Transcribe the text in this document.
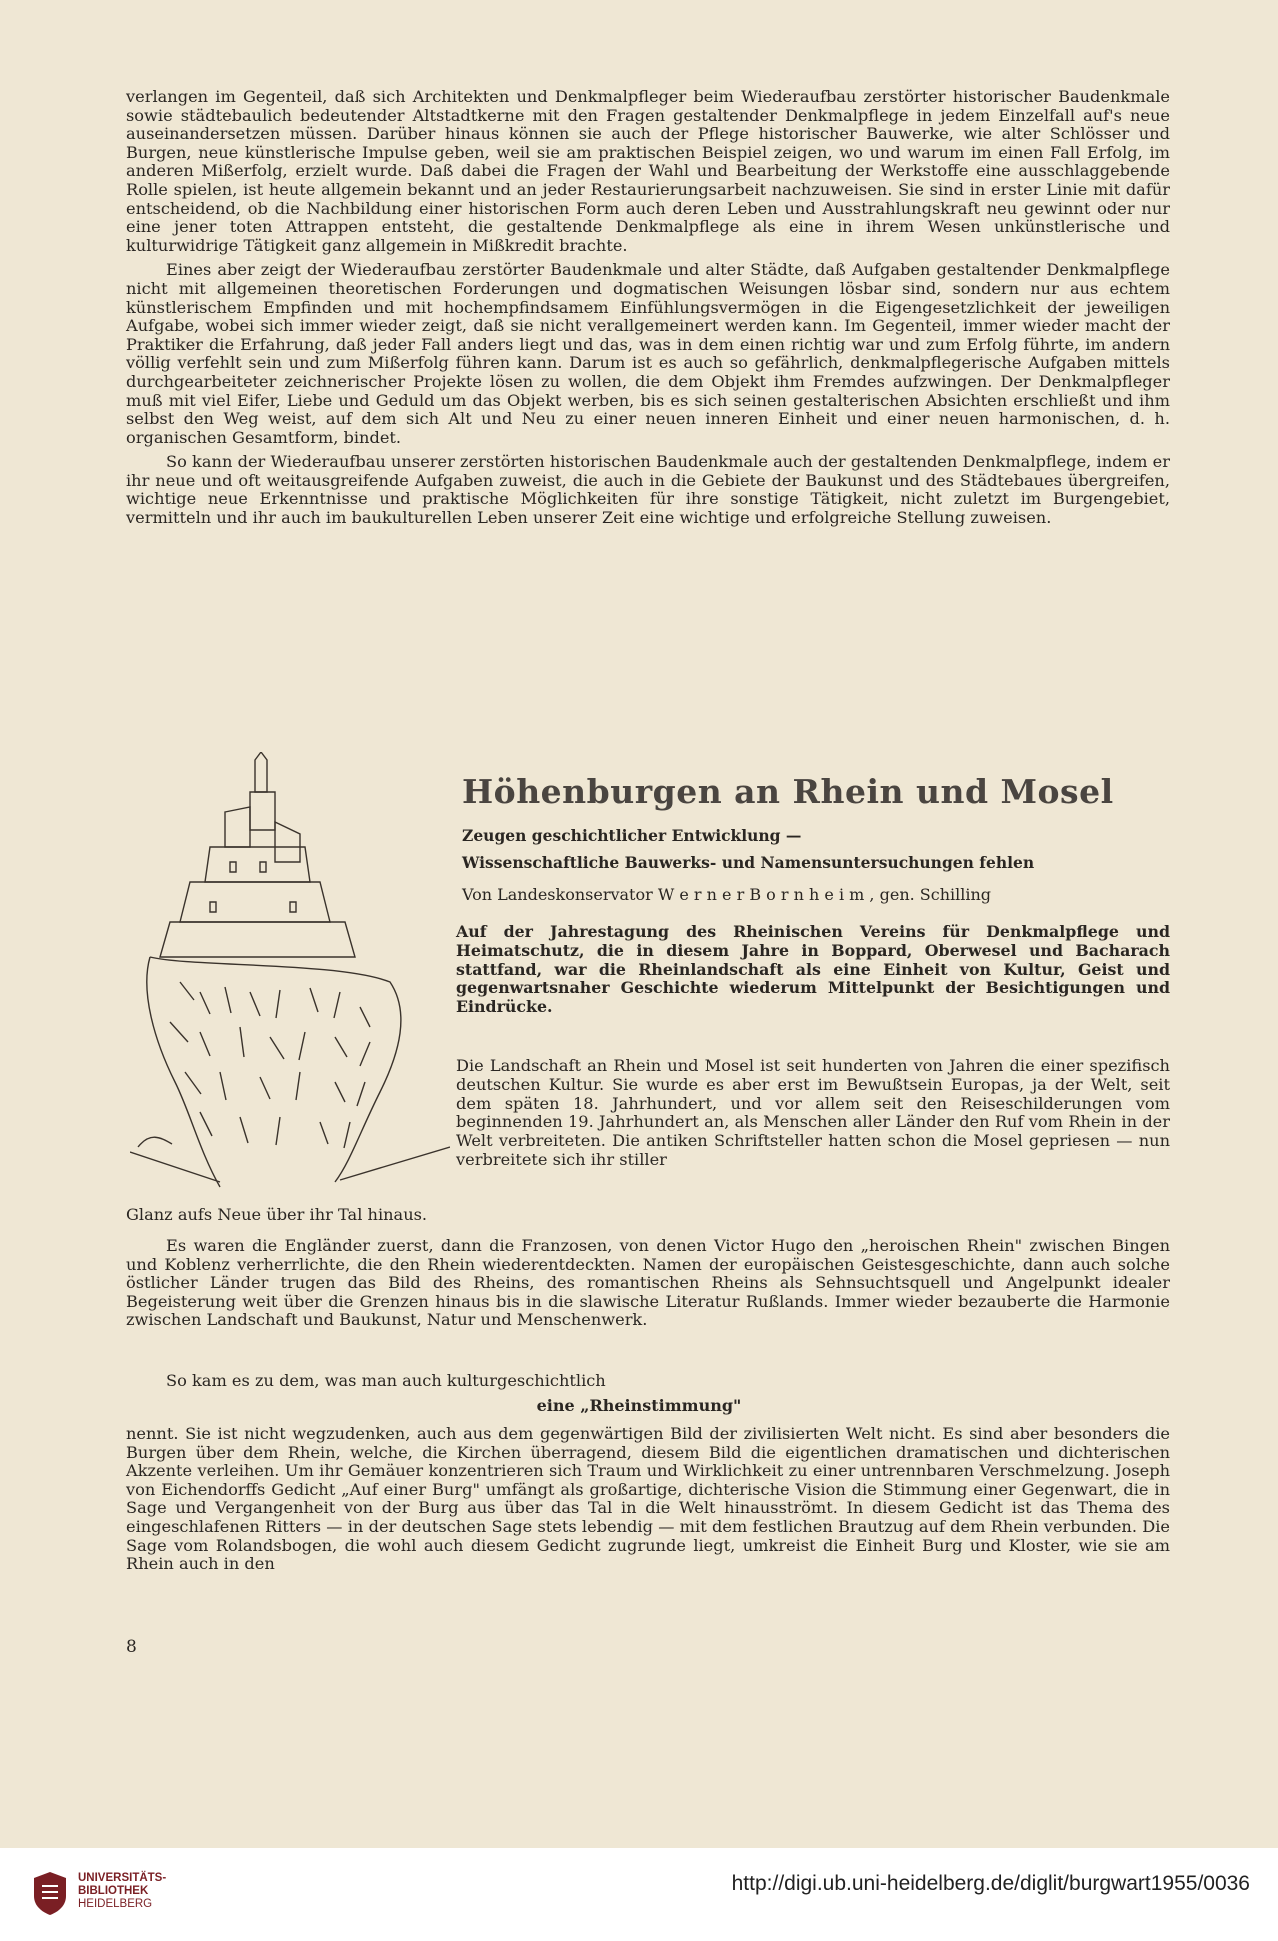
verlangen im Gegenteil, daß sich Architekten und Denkmalpfleger beim Wiederaufbau zerstörter historischer Baudenkmale sowie städtebaulich bedeutender Altstadtkerne mit den Fragen gestaltender Denkmalpflege in jedem Einzelfall auf's neue auseinandersetzen müssen. Darüber hinaus können sie auch der Pflege historischer Bauwerke, wie alter Schlösser und Burgen, neue künstlerische Impulse geben, weil sie am praktischen Beispiel zeigen, wo und warum im einen Fall Erfolg, im anderen Mißerfolg, erzielt wurde. Daß dabei die Fragen der Wahl und Bearbeitung der Werkstoffe eine ausschlaggebende Rolle spielen, ist heute allgemein bekannt und an jeder Restaurierungsarbeit nachzuweisen. Sie sind in erster Linie mit dafür entscheidend, ob die Nachbildung einer historischen Form auch deren Leben und Ausstrahlungskraft neu gewinnt oder nur eine jener toten Attrappen entsteht, die gestaltende Denkmalpflege als eine in ihrem Wesen unkünstlerische und kulturwidrige Tätigkeit ganz allgemein in Mißkredit brachte.

Eines aber zeigt der Wiederaufbau zerstörter Baudenkmale und alter Städte, daß Aufgaben gestaltender Denkmalpflege nicht mit allgemeinen theoretischen Forderungen und dogmatischen Weisungen lösbar sind, sondern nur aus echtem künstlerischem Empfinden und mit hochempfindsamem Einfühlungsvermögen in die Eigengesetzlichkeit der jeweiligen Aufgabe, wobei sich immer wieder zeigt, daß sie nicht verallgemeinert werden kann. Im Gegenteil, immer wieder macht der Praktiker die Erfahrung, daß jeder Fall anders liegt und das, was in dem einen richtig war und zum Erfolg führte, im andern völlig verfehlt sein und zum Mißerfolg führen kann. Darum ist es auch so gefährlich, denkmalpflegerische Aufgaben mittels durchgearbeiteter zeichnerischer Projekte lösen zu wollen, die dem Objekt ihm Fremdes aufzwingen. Der Denkmalpfleger muß mit viel Eifer, Liebe und Geduld um das Objekt werben, bis es sich seinen gestalterischen Absichten erschließt und ihm selbst den Weg weist, auf dem sich Alt und Neu zu einer neuen inneren Einheit und einer neuen harmonischen, d. h. organischen Gesamtform, bindet.

So kann der Wiederaufbau unserer zerstörten historischen Baudenkmale auch der gestaltenden Denkmalpflege, indem er ihr neue und oft weitausgreifende Aufgaben zuweist, die auch in die Gebiete der Baukunst und des Städtebaues übergreifen, wichtige neue Erkenntnisse und praktische Möglichkeiten für ihre sonstige Tätigkeit, nicht zuletzt im Burgengebiet, vermitteln und ihr auch im baukulturellen Leben unserer Zeit eine wichtige und erfolgreiche Stellung zuweisen.

Höhenburgen an Rhein und Mosel
Zeugen geschichtlicher Entwicklung —
Wissenschaftliche Bauwerks- und Namensuntersuchungen fehlen
Von Landeskonservator W e r n e r B o r n h e i m , gen. Schilling
Auf der Jahrestagung des Rheinischen Vereins für Denkmalpflege und Heimatschutz, die in diesem Jahre in Boppard, Oberwesel und Bacharach stattfand, war die Rheinlandschaft als eine Einheit von Kultur, Geist und gegenwartsnaher Geschichte wiederum Mittelpunkt der Besichtigungen und Eindrücke.
Die Landschaft an Rhein und Mosel ist seit hunderten von Jahren die einer spezifisch deutschen Kultur. Sie wurde es aber erst im Bewußtsein Europas, ja der Welt, seit dem späten 18. Jahrhundert, und vor allem seit den Reiseschilderungen vom beginnenden 19. Jahrhundert an, als Menschen aller Länder den Ruf vom Rhein in der Welt verbreiteten. Die antiken Schriftsteller hatten schon die Mosel gepriesen — nun verbreitete sich ihr stiller
Glanz aufs Neue über ihr Tal hinaus.

Es waren die Engländer zuerst, dann die Franzosen, von denen Victor Hugo den „heroischen Rhein" zwischen Bingen und Koblenz verherrlichte, die den Rhein wiederentdeckten. Namen der europäischen Geistesgeschichte, dann auch solche östlicher Länder trugen das Bild des Rheins, des romantischen Rheins als Sehnsuchtsquell und Angelpunkt idealer Begeisterung weit über die Grenzen hinaus bis in die slawische Literatur Rußlands. Immer wieder bezauberte die Harmonie zwischen Landschaft und Baukunst, Natur und Menschenwerk.

So kam es zu dem, was man auch kulturgeschichtlich
eine „Rheinstimmung"

nennt. Sie ist nicht wegzudenken, auch aus dem gegenwärtigen Bild der zivilisierten Welt nicht. Es sind aber besonders die Burgen über dem Rhein, welche, die Kirchen überragend, diesem Bild die eigentlichen dramatischen und dichterischen Akzente verleihen. Um ihr Gemäuer konzentrieren sich Traum und Wirklichkeit zu einer untrennbaren Verschmelzung. Joseph von Eichendorffs Gedicht „Auf einer Burg" umfängt als großartige, dichterische Vision die Stimmung einer Gegenwart, die in Sage und Vergangenheit von der Burg aus über das Tal in die Welt hinausströmt. In diesem Gedicht ist das Thema des eingeschlafenen Ritters — in der deutschen Sage stets lebendig — mit dem festlichen Brautzug auf dem Rhein verbunden. Die Sage vom Rolandsbogen, die wohl auch diesem Gedicht zugrunde liegt, umkreist die Einheit Burg und Kloster, wie sie am Rhein auch in den

8
UNIVERSITÄTS-
BIBLIOTHEK
HEIDELBERG
http://digi.ub.uni-heidelberg.de/diglit/burgwart1955/0036
